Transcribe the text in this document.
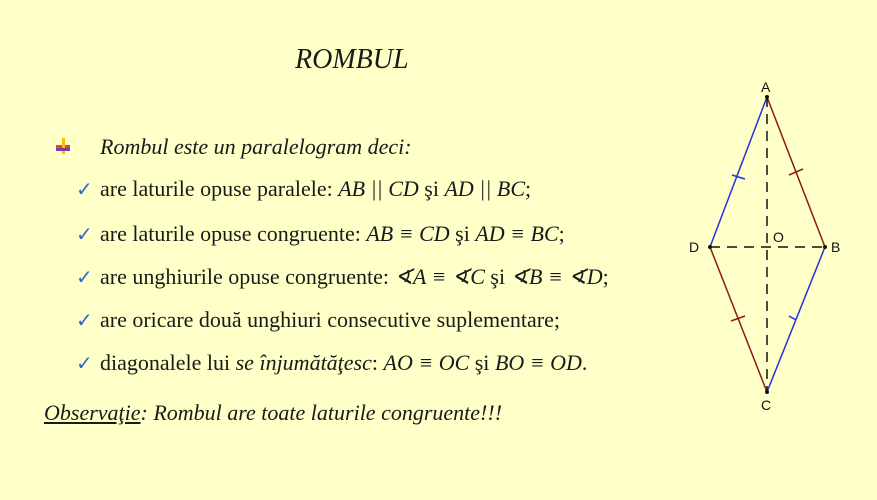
ROMBUL
Rombul este un paralelogram deci:
✓ are laturile opuse paralele:
AB || CD
şi
AD || BC ;
✓ are laturile opuse congruente:
AB ≡ CD
şi
AD ≡ BC ;
✓ are unghiurile opuse congruente:
∢A ≡ ∢C
şi
∢B ≡ ∢D ;
✓ are oricare două unghiuri consecutive suplementare;
✓ diagonalele lui
se înjumătăţesc :
AO ≡ OC
şi
BO ≡ OD .
Observaţie: Rombul are toate laturile congruente!!!
A
B
C
D
O
